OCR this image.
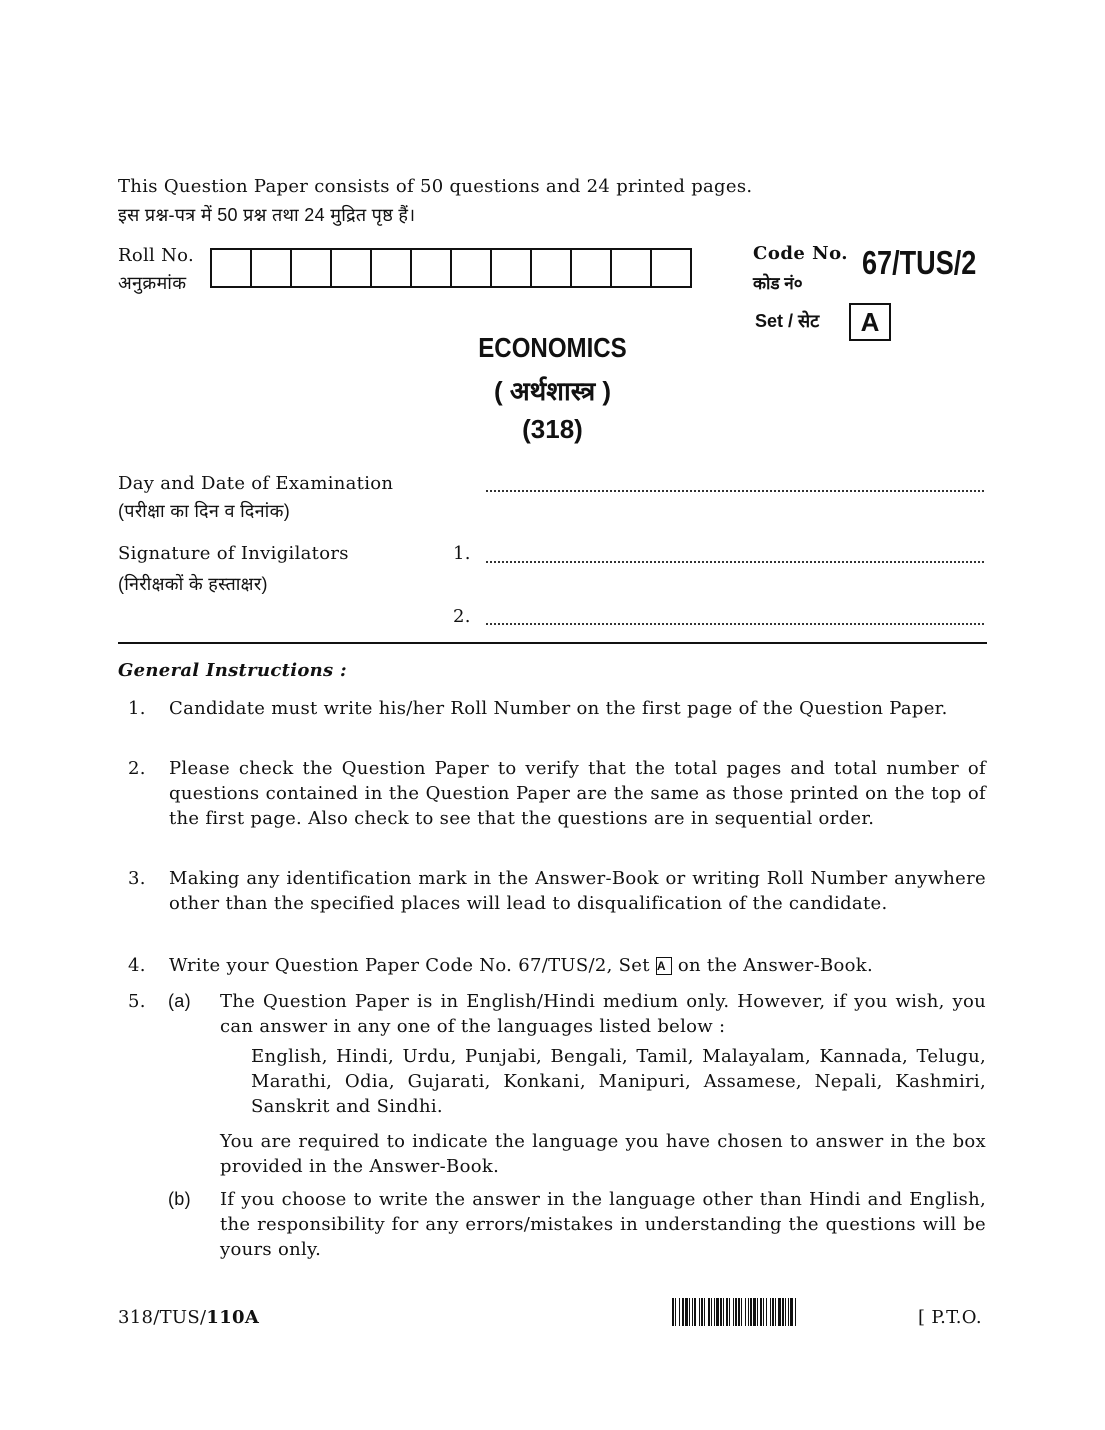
This Question Paper consists of 50 questions and 24 printed pages.
इस प्रश्न-पत्र में 50 प्रश्न तथा 24 मुद्रित पृष्ठ हैं।
Roll No.
अनुक्रमांक
Code No.
कोड नं०
67/TUS/2
Set / सेट A
ECONOMICS
( अर्थशास्त्र )
(318)
Day and Date of Examination
(परीक्षा का दिन व दिनांक)
Signature of Invigilators
(निरीक्षकों के हस्ताक्षर)
1.
2.
General Instructions :
1. Candidate must write his/her Roll Number on the first page of the Question Paper.
2. Please check the Question Paper to verify that the total pages and total number of questions contained in the Question Paper are the same as those printed on the top of the first page. Also check to see that the questions are in sequential order.
3. Making any identification mark in the Answer-Book or writing Roll Number anywhere other than the specified places will lead to disqualification of the candidate.
4. Write your Question Paper Code No. 67/TUS/2, Set A on the Answer-Book.
5. (a) The Question Paper is in English/Hindi medium only. However, if you wish, you can answer in any one of the languages listed below :
English, Hindi, Urdu, Punjabi, Bengali, Tamil, Malayalam, Kannada, Telugu, Marathi, Odia, Gujarati, Konkani, Manipuri, Assamese, Nepali, Kashmiri, Sanskrit and Sindhi.
You are required to indicate the language you have chosen to answer in the box provided in the Answer-Book.
(b) If you choose to write the answer in the language other than Hindi and English, the responsibility for any errors/mistakes in understanding the questions will be yours only.
318/TUS/110A	[ P.T.O.
